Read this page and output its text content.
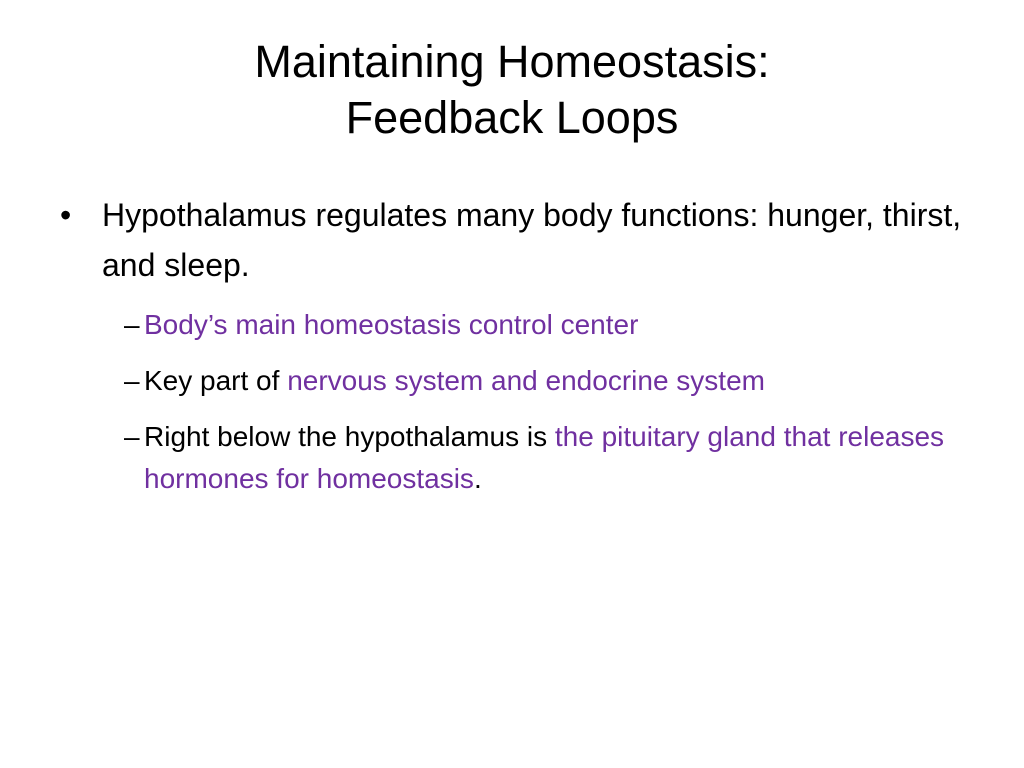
Maintaining Homeostasis:
Feedback Loops
• Hypothalamus regulates many body functions: hunger, thirst, and sleep.
– Body’s main homeostasis control center
– Key part of nervous system and endocrine system
– Right below the hypothalamus is the pituitary gland that releases hormones for homeostasis.
